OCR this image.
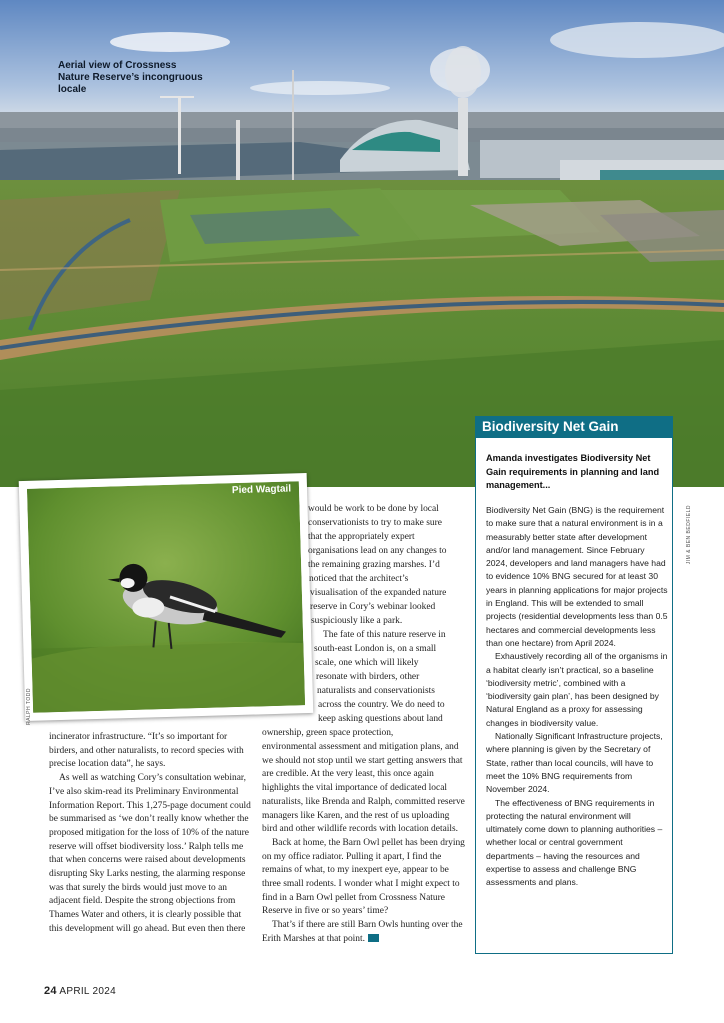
Aerial view of Crossness Nature Reserve’s incongruous locale
Biodiversity Net Gain
Amanda investigates Biodiversity Net Gain requirements in planning and land management...

Biodiversity Net Gain (BNG) is the requirement to make sure that a natural environment is in a measurably better state after development and/or land management. Since February 2024, developers and land managers have had to evidence 10% BNG secured for at least 30 years in planning applications for major projects in England. This will be extended to small projects (residential developments less than 0.5 hectares and commercial developments less than one hectare) from April 2024.

Exhaustively recording all of the organisms in a habitat clearly isn’t practical, so a baseline ‘biodiversity metric’, combined with a ‘biodiversity gain plan’, has been designed by Natural England as a proxy for assessing changes in biodiversity value.

Nationally Significant Infrastructure projects, where planning is given by the Secretary of State, rather than local councils, will have to meet the 10% BNG requirements from November 2024.

The effectiveness of BNG requirements in protecting the natural environment will ultimately come down to planning authorities – whether local or central government departments – having the resources and expertise to assess and challenge BNG assessments and plans.

JIM & BEN BEDFIELD
Pied Wagtail
RALPH TODD
would be work to be done by local
conservationists to try to make sure
that the appropriately expert
organisations lead on any changes to
the remaining grazing marshes. I’d
noticed that the architect’s
visualisation of the expanded nature
reserve in Cory’s webinar looked
suspiciously like a park.
The fate of this nature reserve in
south-east London is, on a small
scale, one which will likely
resonate with birders, other
naturalists and conservationists
across the country. We do need to
keep asking questions about land
ownership, green space protection,

incinerator infrastructure. “It’s so important for birders, and other naturalists, to record species with precise location data”, he says.

As well as watching Cory’s consultation webinar, I’ve also skim-read its Preliminary Environmental Information Report. This 1,275-page document could be summarised as ‘we don’t really know whether the proposed mitigation for the loss of 10% of the nature reserve will offset biodiversity loss.’ Ralph tells me that when concerns were raised about developments disrupting Sky Larks nesting, the alarming response was that surely the birds would just move to an adjacent field. Despite the strong objections from Thames Water and others, it is clearly possible that this development will go ahead. But even then there

environmental assessment and mitigation plans, and we should not stop until we start getting answers that are credible. At the very least, this once again highlights the vital importance of dedicated local naturalists, like Brenda and Ralph, committed reserve managers like Karen, and the rest of us uploading bird and other wildlife records with location details.

Back at home, the Barn Owl pellet has been drying on my office radiator. Pulling it apart, I find the remains of what, to my inexpert eye, appear to be three small rodents. I wonder what I might expect to find in a Barn Owl pellet from Crossness Nature Reserve in five or so years’ time?

That’s if there are still Barn Owls hunting over the Erith Marshes at that point.

24 APRIL 2024
